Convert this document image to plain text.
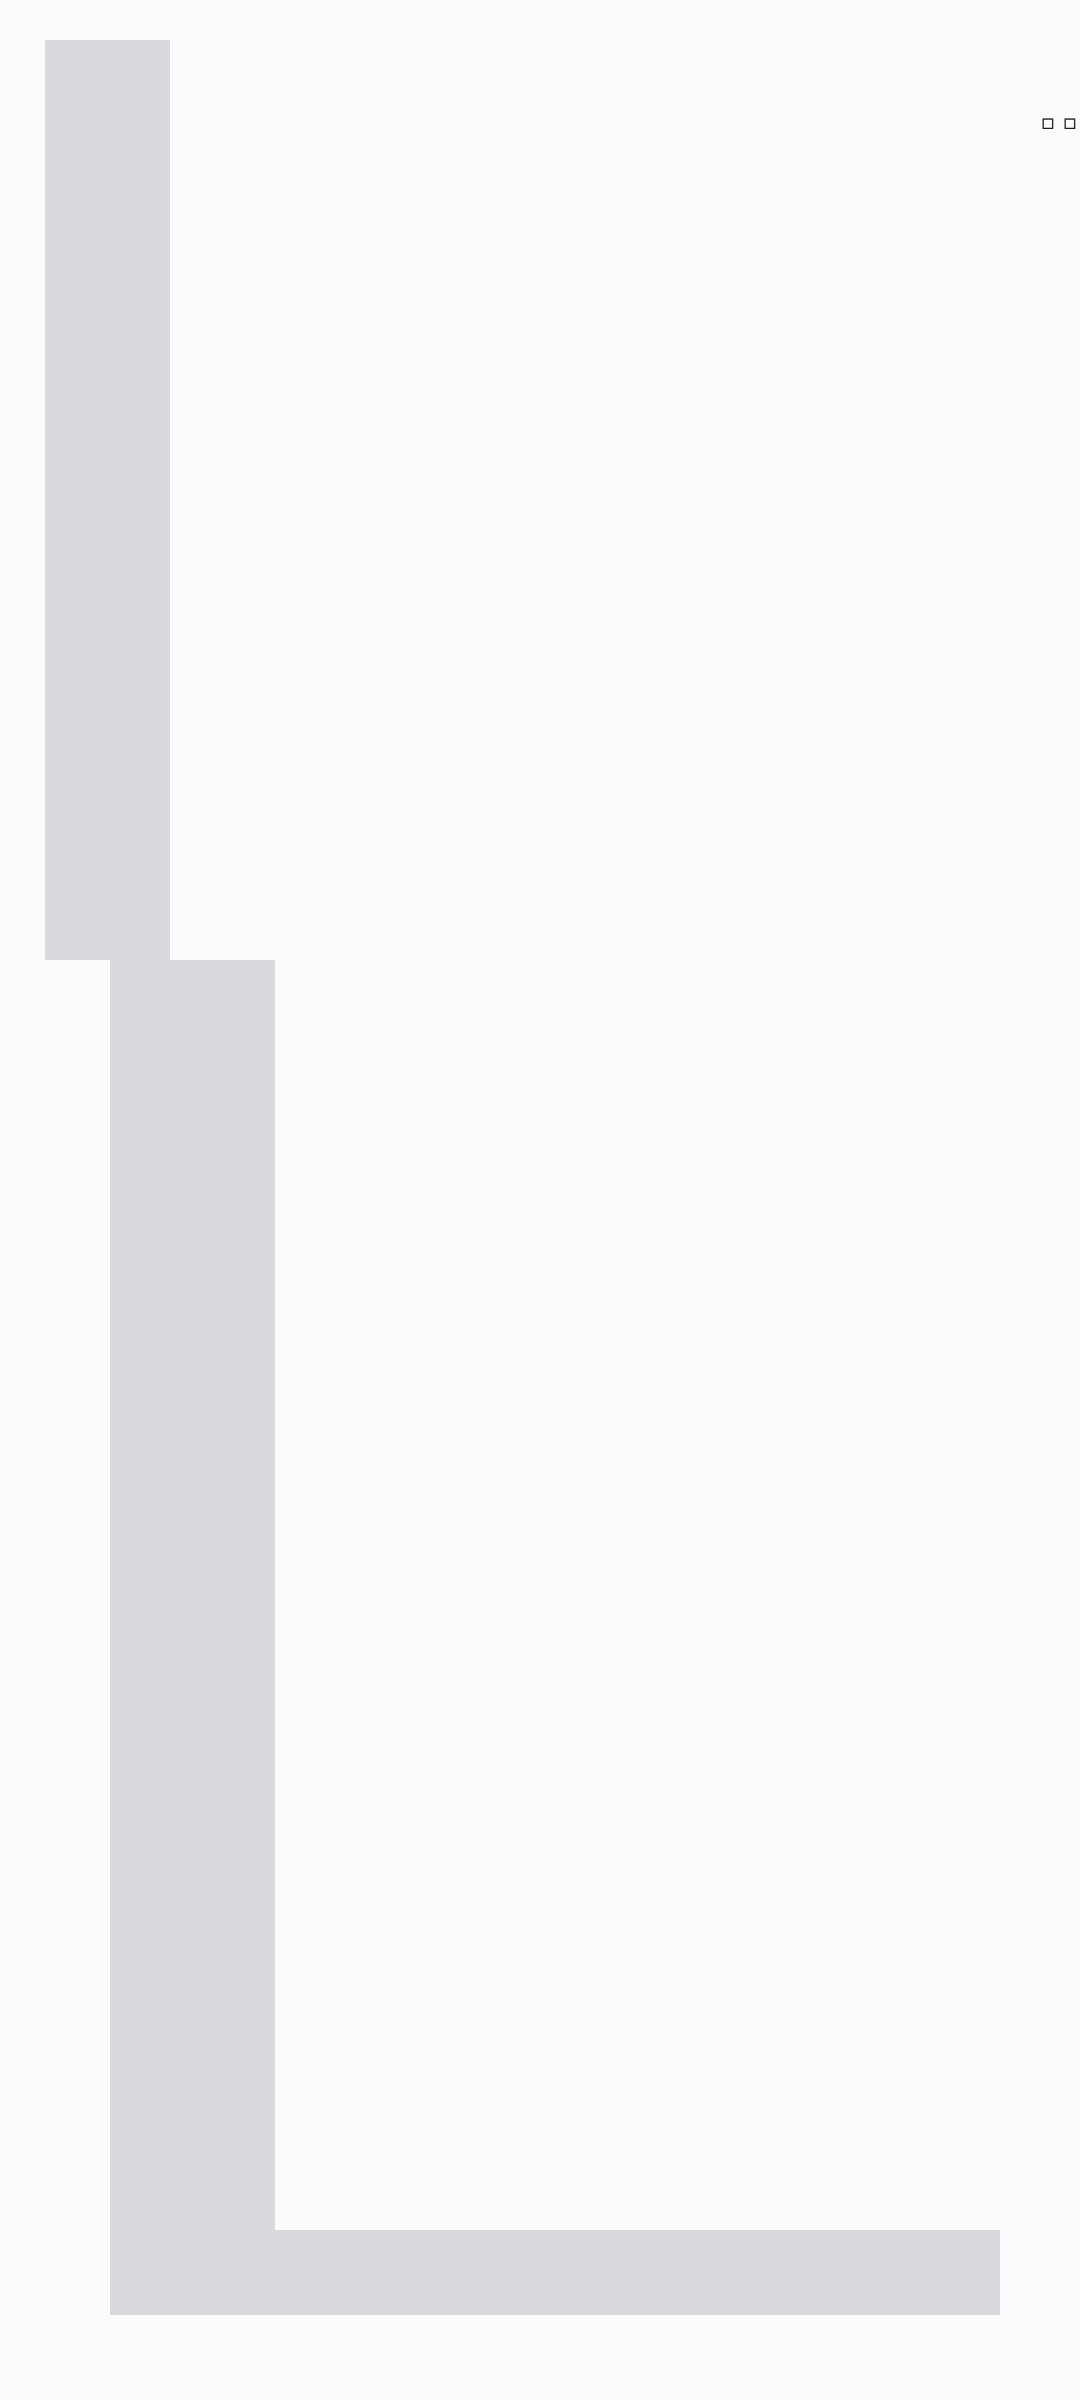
☐ ☐
